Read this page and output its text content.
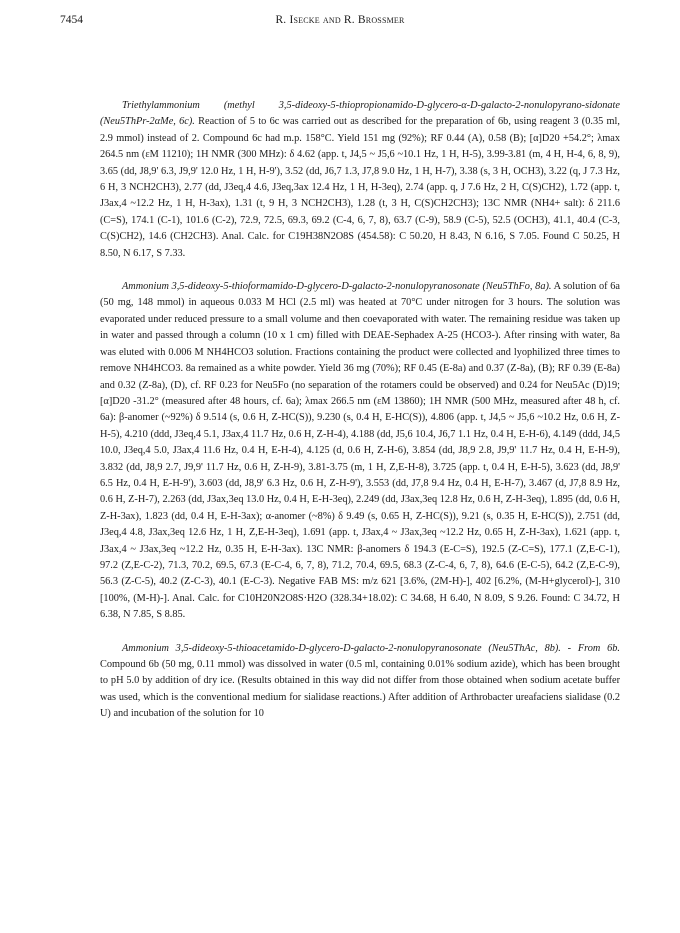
7454	R. Isecke and R. Brossmer

Triethylammonium (methyl 3,5-dideoxy-5-thiopropionamido-D-glycero-α-D-galacto-2-nonulopyrano-sidonate (Neu5ThPr-2αMe, 6c). Reaction of 5 to 6c was carried out as described for the preparation of 6b, using reagent 3 (0.35 ml, 2.9 mmol) instead of 2. Compound 6c had m.p. 158°C. Yield 151 mg (92%); RF 0.44 (A), 0.58 (B); [α]D20 +54.2°; λmax 264.5 nm (εM 11210); 1H NMR (300 MHz): δ 4.62 (app. t, J4,5 ~ J5,6 ~10.1 Hz, 1 H, H-5), 3.99-3.81 (m, 4 H, H-4, 6, 8, 9), 3.65 (dd, J8,9' 6.3, J9,9' 12.0 Hz, 1 H, H-9'), 3.52 (dd, J6,7 1.3, J7,8 9.0 Hz, 1 H, H-7), 3.38 (s, 3 H, OCH3), 3.22 (q, J 7.3 Hz, 6 H, 3 NCH2CH3), 2.77 (dd, J3eq,4 4.6, J3eq,3ax 12.4 Hz, 1 H, H-3eq), 2.74 (app. q, J 7.6 Hz, 2 H, C(S)CH2), 1.72 (app. t, J3ax,4 ~12.2 Hz, 1 H, H-3ax), 1.31 (t, 9 H, 3 NCH2CH3), 1.28 (t, 3 H, C(S)CH2CH3); 13C NMR (NH4+ salt): δ 211.6 (C=S), 174.1 (C-1), 101.6 (C-2), 72.9, 72.5, 69.3, 69.2 (C-4, 6, 7, 8), 63.7 (C-9), 58.9 (C-5), 52.5 (OCH3), 41.1, 40.4 (C-3, C(S)CH2), 14.6 (CH2CH3). Anal. Calc. for C19H38N2O8S (454.58): C 50.20, H 8.43, N 6.16, S 7.05. Found C 50.25, H 8.50, N 6.17, S 7.33.

Ammonium 3,5-dideoxy-5-thioformamido-D-glycero-D-galacto-2-nonulopyranosonate (Neu5ThFo, 8a). A solution of 6a (50 mg, 148 mmol) in aqueous 0.033 M HCl (2.5 ml) was heated at 70°C under nitrogen for 3 hours. The solution was evaporated under reduced pressure to a small volume and then coevaporated with water. The remaining residue was taken up in water and passed through a column (10 x 1 cm) filled with DEAE-Sephadex A-25 (HCO3-). After rinsing with water, 8a was eluted with 0.006 M NH4HCO3 solution. Fractions containing the product were collected and lyophilized three times to remove NH4HCO3. 8a remained as a white powder. Yield 36 mg (70%); RF 0.45 (E-8a) and 0.37 (Z-8a), (B); RF 0.39 (E-8a) and 0.32 (Z-8a), (D), cf. RF 0.23 for Neu5Fo (no separation of the rotamers could be observed) and 0.24 for Neu5Ac (D)19; [α]D20 -31.2° (measured after 48 hours, cf. 6a); λmax 266.5 nm (εM 13860); 1H NMR (500 MHz, measured after 48 h, cf. 6a): β-anomer (~92%) δ 9.514 (s, 0.6 H, Z-HC(S)), 9.230 (s, 0.4 H, E-HC(S)), 4.806 (app. t, J4,5 ~ J5,6 ~10.2 Hz, 0.6 H, Z-H-5), 4.210 (ddd, J3eq,4 5.1, J3ax,4 11.7 Hz, 0.6 H, Z-H-4), 4.188 (dd, J5,6 10.4, J6,7 1.1 Hz, 0.4 H, E-H-6), 4.149 (ddd, J4,5 10.0, J3eq,4 5.0, J3ax,4 11.6 Hz, 0.4 H, E-H-4), 4.125 (d, 0.6 H, Z-H-6), 3.854 (dd, J8,9 2.8, J9,9' 11.7 Hz, 0.4 H, E-H-9), 3.832 (dd, J8,9 2.7, J9,9' 11.7 Hz, 0.6 H, Z-H-9), 3.81-3.75 (m, 1 H, Z,E-H-8), 3.725 (app. t, 0.4 H, E-H-5), 3.623 (dd, J8,9' 6.5 Hz, 0.4 H, E-H-9'), 3.603 (dd, J8,9' 6.3 Hz, 0.6 H, Z-H-9'), 3.553 (dd, J7,8 9.4 Hz, 0.4 H, E-H-7), 3.467 (d, J7,8 8.9 Hz, 0.6 H, Z-H-7), 2.263 (dd, J3ax,3eq 13.0 Hz, 0.4 H, E-H-3eq), 2.249 (dd, J3ax,3eq 12.8 Hz, 0.6 H, Z-H-3eq), 1.895 (dd, 0.6 H, Z-H-3ax), 1.823 (dd, 0.4 H, E-H-3ax); α-anomer (~8%) δ 9.49 (s, 0.65 H, Z-HC(S)), 9.21 (s, 0.35 H, E-HC(S)), 2.751 (dd, J3eq,4 4.8, J3ax,3eq 12.6 Hz, 1 H, Z,E-H-3eq), 1.691 (app. t, J3ax,4 ~ J3ax,3eq ~12.2 Hz, 0.65 H, Z-H-3ax), 1.621 (app. t, J3ax,4 ~ J3ax,3eq ~12.2 Hz, 0.35 H, E-H-3ax). 13C NMR: β-anomers δ 194.3 (E-C=S), 192.5 (Z-C=S), 177.1 (Z,E-C-1), 97.2 (Z,E-C-2), 71.3, 70.2, 69.5, 67.3 (E-C-4, 6, 7, 8), 71.2, 70.4, 69.5, 68.3 (Z-C-4, 6, 7, 8), 64.6 (E-C-5), 64.2 (Z,E-C-9), 56.3 (Z-C-5), 40.2 (Z-C-3), 40.1 (E-C-3). Negative FAB MS: m/z 621 [3.6%, (2M-H)-], 402 [6.2%, (M-H+glycerol)-], 310 [100%, (M-H)-]. Anal. Calc. for C10H20N2O8S·H2O (328.34+18.02): C 34.68, H 6.40, N 8.09, S 9.26. Found: C 34.72, H 6.38, N 7.85, S 8.85.

Ammonium 3,5-dideoxy-5-thioacetamido-D-glycero-D-galacto-2-nonulopyranosonate (Neu5ThAc, 8b). - From 6b. Compound 6b (50 mg, 0.11 mmol) was dissolved in water (0.5 ml, containing 0.01% sodium azide), which has been brought to pH 5.0 by addition of dry ice. (Results obtained in this way did not differ from those obtained when sodium acetate buffer was used, which is the conventional medium for sialidase reactions.) After addition of Arthrobacter ureafaciens sialidase (0.2 U) and incubation of the solution for 10
